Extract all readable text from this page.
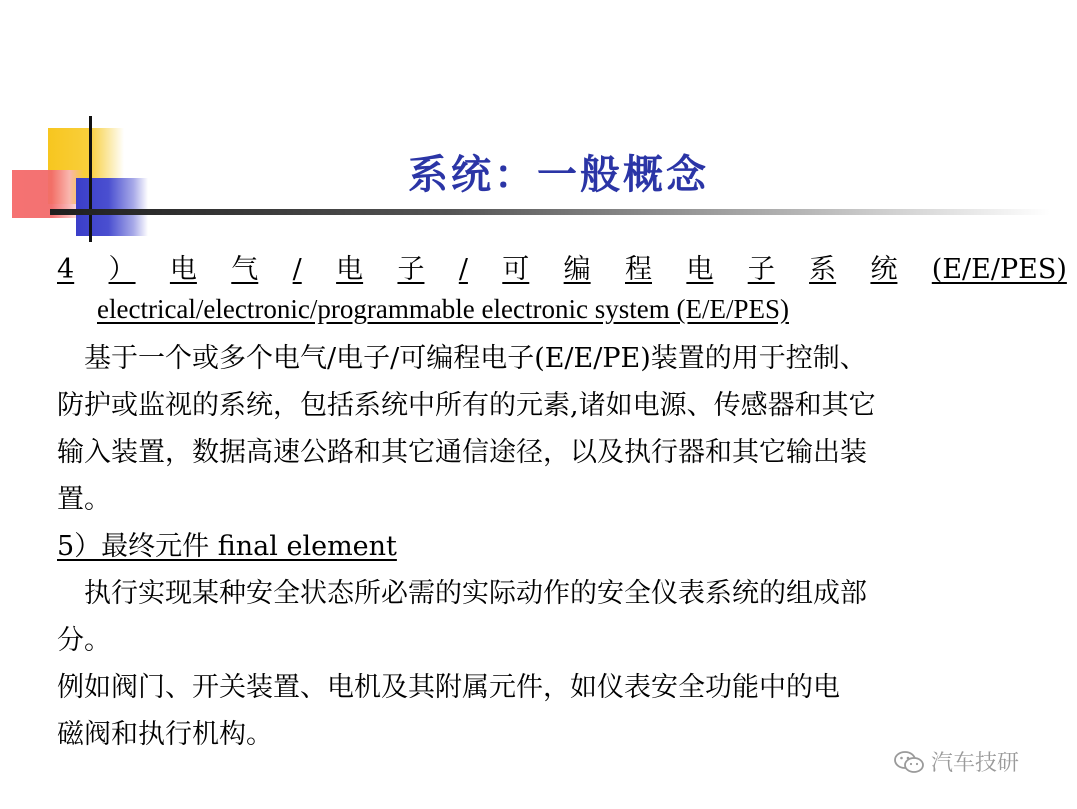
系统：一般概念
4 ） 电 气 / 电 子 / 可 编 程 电 子 系 统 (E/E/PES)
electrical/electronic/programmable electronic system (E/E/PES)
　基于一个或多个电气/电子/可编程电子(E/E/PE)装置的用于控制、
防护或监视的系统，包括系统中所有的元素,诸如电源、传感器和其它
输入装置，数据高速公路和其它通信途径，以及执行器和其它输出装
置。
5）最终元件 final element
　执行实现某种安全状态所必需的实际动作的安全仪表系统的组成部
分。
例如阀门、开关装置、电机及其附属元件，如仪表安全功能中的电
磁阀和执行机构。
汽车技研
